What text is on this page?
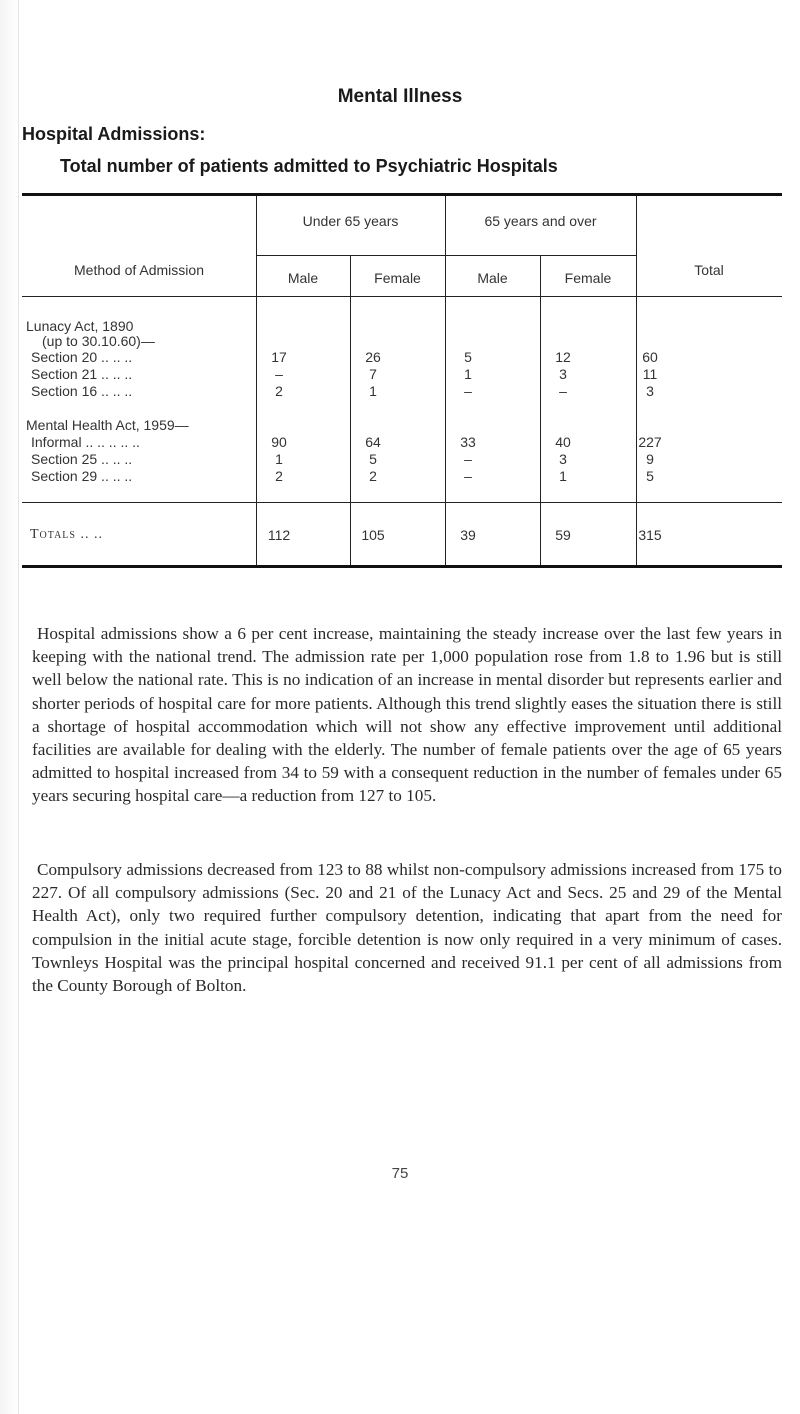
Mental Illness
Hospital Admissions:
Total number of patients admitted to Psychiatric Hospitals
Method of Admission
Under 65 years	65 years and over
Total
Male	Female	Male	Female
Lunacy Act, 1890
(up to 30.10.60)—
Section 20 .. .. ..	17	26	5	12	60
Section 21 .. .. ..	–	7	1	3	11
Section 16 .. .. ..	2	1	–	–	3
Mental Health Act, 1959—
Informal .. .. .. .. ..	90	64	33	40	227
Section 25 .. .. ..	1	5	–	3	9
Section 29 .. .. ..	2	2	–	1	5
Totals .. ..	112	105	39	59	315
Hospital admissions show a 6 per cent increase, maintaining the steady increase over the last few years in keeping with the national trend. The admission rate per 1,000 population rose from 1.8 to 1.96 but is still well below the national rate. This is no indication of an increase in mental disorder but represents earlier and shorter periods of hospital care for more patients. Although this trend slightly eases the situation there is still a shortage of hospital accommodation which will not show any effective improvement until additional facilities are available for dealing with the elderly. The number of female patients over the age of 65 years admitted to hospital increased from 34 to 59 with a consequent reduction in the number of females under 65 years securing hospital care—a reduction from 127 to 105.
Compulsory admissions decreased from 123 to 88 whilst non-compulsory admissions increased from 175 to 227. Of all compulsory admissions (Sec. 20 and 21 of the Lunacy Act and Secs. 25 and 29 of the Mental Health Act), only two required further compulsory detention, indicating that apart from the need for compulsion in the initial acute stage, forcible detention is now only required in a very minimum of cases. Townleys Hospital was the principal hospital concerned and received 91.1 per cent of all admissions from the County Borough of Bolton.
75
